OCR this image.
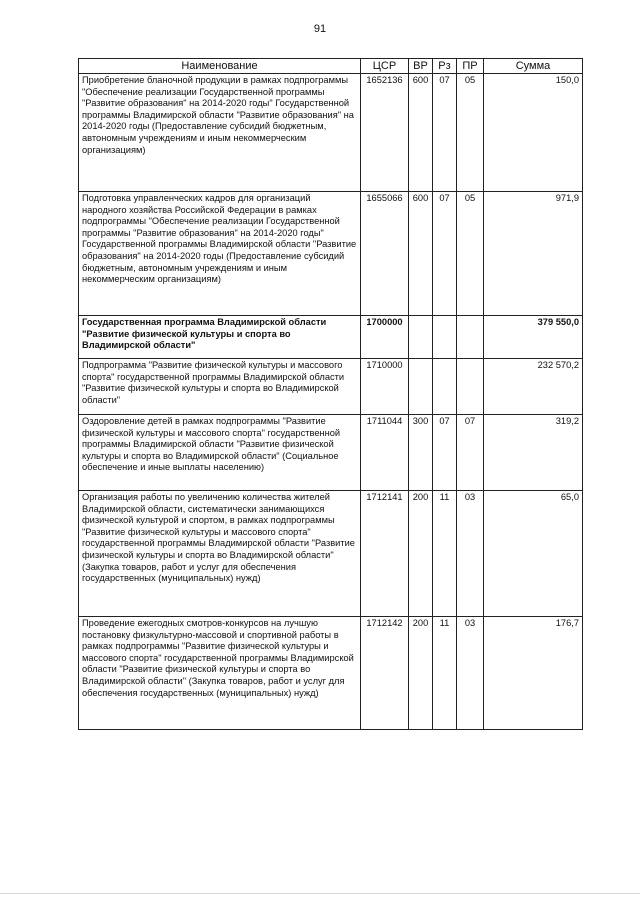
91
Наименование	ЦСР	ВР	Рз	ПР	Сумма
Приобретение бланочной продукции в рамках подпрограммы "Обеспечение реализации Государственной программы "Развитие образования" на 2014-2020 годы" Государственной программы Владимирской области "Развитие образования" на 2014-2020 годы (Предоставление субсидий бюджетным, автономным учреждениям и иным некоммерческим организациям)	1652136	600	07	05	150,0
Подготовка управленческих кадров для организаций народного хозяйства Российской Федерации в рамках подпрограммы "Обеспечение реализации Государственной программы "Развитие образования" на 2014-2020 годы" Государственной программы Владимирской области "Развитие образования" на 2014-2020 годы (Предоставление субсидий бюджетным, автономным учреждениям и иным некоммерческим организациям)	1655066	600	07	05	971,9
Государственная программа Владимирской области "Развитие физической культуры и спорта во Владимирской области"	1700000				379 550,0
Подпрограмма "Развитие физической культуры и массового спорта" государственной программы Владимирской области "Развитие физической культуры и спорта во Владимирской области"	1710000				232 570,2
Оздоровление детей в рамках подпрограммы "Развитие физической культуры и массового спорта" государственной программы Владимирской области "Развитие физической культуры и спорта во Владимирской области" (Социальное обеспечение и иные выплаты населению)	1711044	300	07	07	319,2
Организация работы по увеличению количества жителей Владимирской области, систематически занимающихся физической культурой и спортом, в рамках подпрограммы "Развитие физической культуры и массового спорта" государственной программы Владимирской области "Развитие физической культуры и спорта во Владимирской области" (Закупка товаров, работ и услуг для обеспечения государственных (муниципальных) нужд)	1712141	200	11	03	65,0
Проведение ежегодных смотров-конкурсов на лучшую постановку физкультурно-массовой и спортивной работы в рамках подпрограммы "Развитие физической культуры и массового спорта" государственной программы Владимирской области "Развитие физической культуры и спорта во Владимирской области" (Закупка товаров, работ и услуг для обеспечения государственных (муниципальных) нужд)	1712142	200	11	03	176,7
